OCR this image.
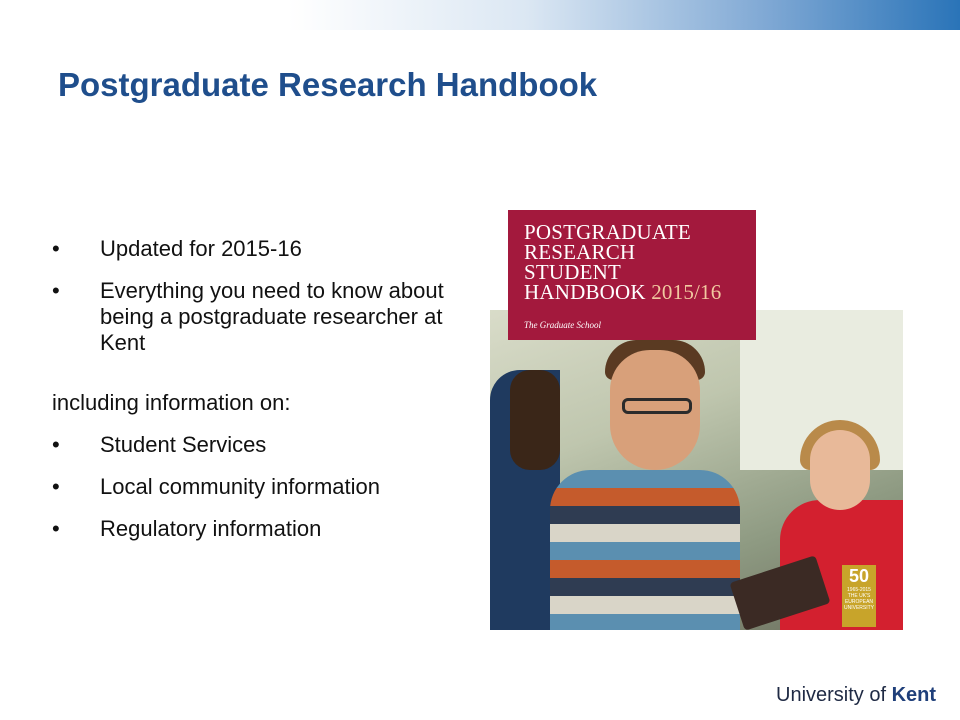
Postgraduate Research Handbook
•	Updated for 2015-16
•	Everything you need to know about being a postgraduate researcher at Kent
including information on:
•	Student Services
•	Local community information
•	Regulatory information
50
1965-2015 THE UK'S EUROPEAN UNIVERSITY
POSTGRADUATE
RESEARCH
STUDENT
HANDBOOK 2015/16
The Graduate School
University of Kent
